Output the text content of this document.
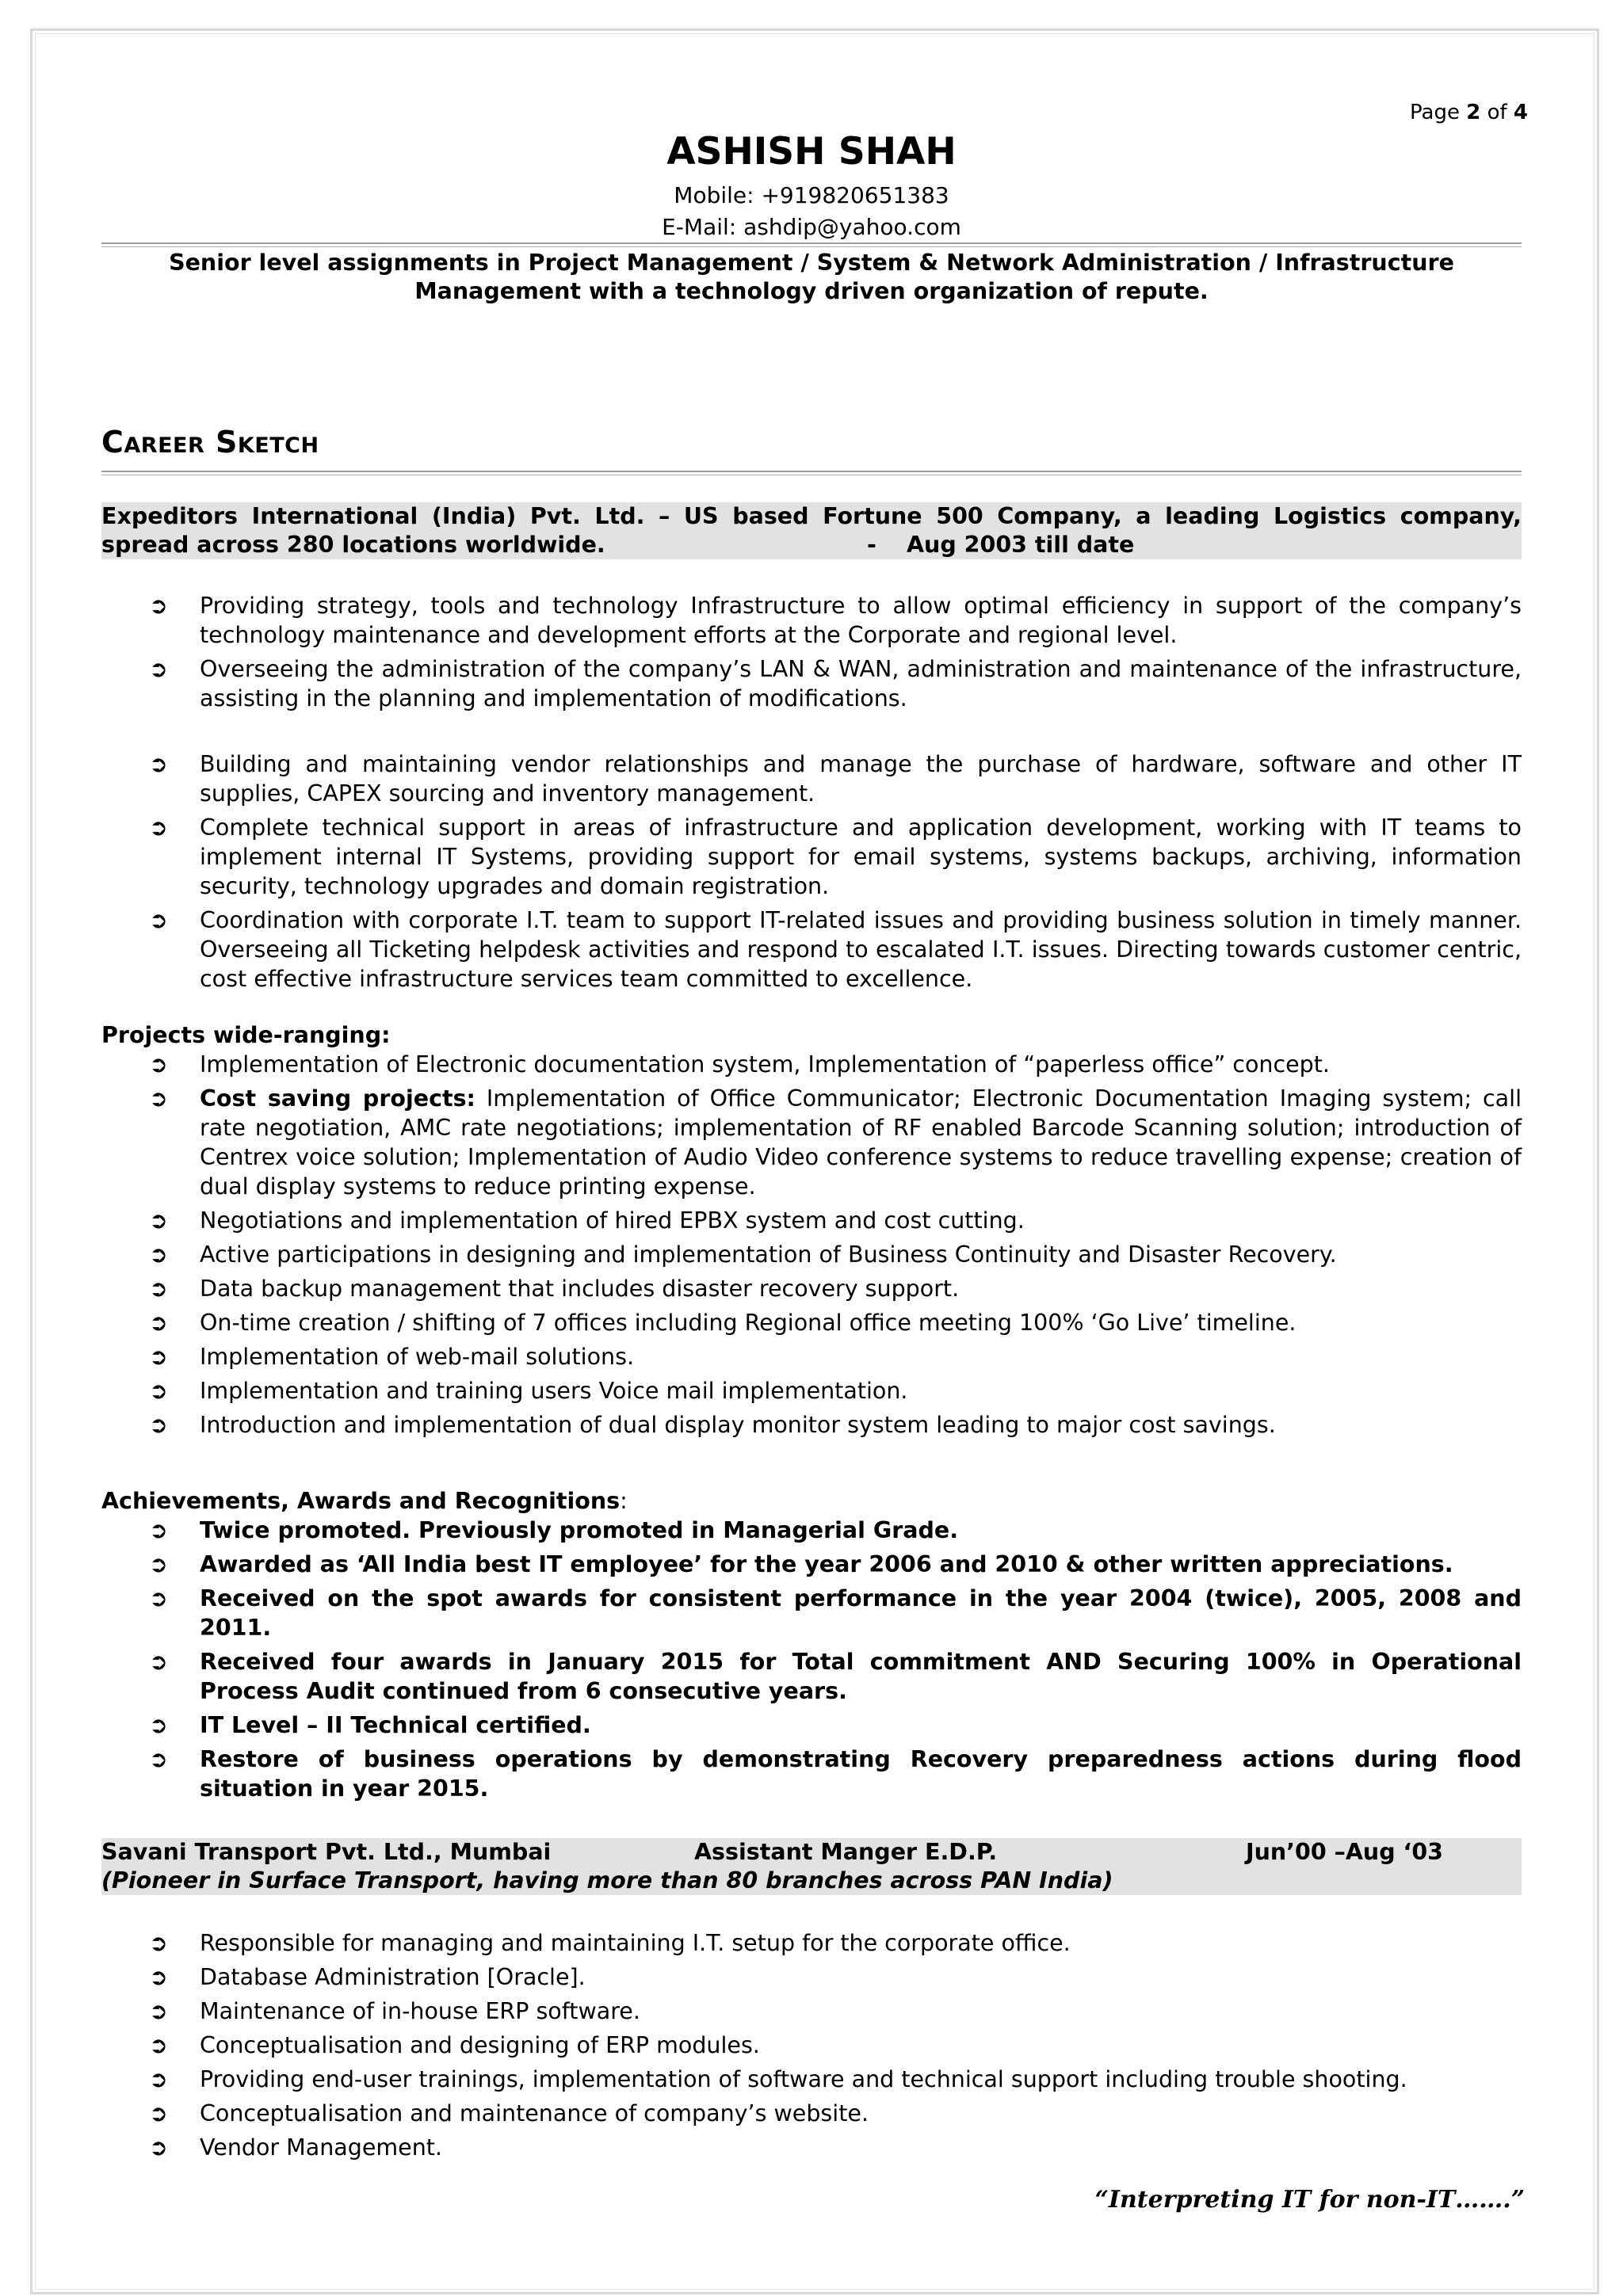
Page 2 of 4
ASHISH SHAH
Mobile: +919820651383
E-Mail: ashdip@yahoo.com
Senior level assignments in Project Management / System & Network Administration / Infrastructure Management with a technology driven organization of repute.
Career Sketch
Expeditors International (India) Pvt. Ltd. – US based Fortune 500 Company, a leading Logistics company,
spread across 280 locations worldwide.	-	Aug 2003 till date
➲ Providing strategy, tools and technology Infrastructure to allow optimal efficiency in support of the company’s technology maintenance and development efforts at the Corporate and regional level.
➲ Overseeing the administration of the company’s LAN & WAN, administration and maintenance of the infrastructure, assisting in the planning and implementation of modifications.
➲ Building and maintaining vendor relationships and manage the purchase of hardware, software and other IT supplies, CAPEX sourcing and inventory management.
➲ Complete technical support in areas of infrastructure and application development, working with IT teams to implement internal IT Systems, providing support for email systems, systems backups, archiving, information security, technology upgrades and domain registration.
➲ Coordination with corporate I.T. team to support IT-related issues and providing business solution in timely manner. Overseeing all Ticketing helpdesk activities and respond to escalated I.T. issues. Directing towards customer centric, cost effective infrastructure services team committed to excellence.
Projects wide-ranging:
➲ Implementation of Electronic documentation system, Implementation of “paperless office” concept.
➲ Cost saving projects: Implementation of Office Communicator; Electronic Documentation Imaging system; call rate negotiation, AMC rate negotiations; implementation of RF enabled Barcode Scanning solution; introduction of Centrex voice solution; Implementation of Audio Video conference systems to reduce travelling expense; creation of dual display systems to reduce printing expense.
➲ Negotiations and implementation of hired EPBX system and cost cutting.
➲ Active participations in designing and implementation of Business Continuity and Disaster Recovery.
➲ Data backup management that includes disaster recovery support.
➲ On-time creation / shifting of 7 offices including Regional office meeting 100% ‘Go Live’ timeline.
➲ Implementation of web-mail solutions.
➲ Implementation and training users Voice mail implementation.
➲ Introduction and implementation of dual display monitor system leading to major cost savings.
Achievements, Awards and Recognitions:
➲ Twice promoted. Previously promoted in Managerial Grade.
➲ Awarded as ‘All India best IT employee’ for the year 2006 and 2010 & other written appreciations.
➲ Received on the spot awards for consistent performance in the year 2004 (twice), 2005, 2008 and 2011.
➲ Received four awards in January 2015 for Total commitment AND Securing 100% in Operational Process Audit continued from 6 consecutive years.
➲ IT Level – II Technical certified.
➲ Restore of business operations by demonstrating Recovery preparedness actions during flood situation in year 2015.
Savani Transport Pvt. Ltd., Mumbai	Assistant Manger E.D.P.	Jun’00 –Aug ‘03
(Pioneer in Surface Transport, having more than 80 branches across PAN India)
➲ Responsible for managing and maintaining I.T. setup for the corporate office.
➲ Database Administration [Oracle].
➲ Maintenance of in-house ERP software.
➲ Conceptualisation and designing of ERP modules.
➲ Providing end-user trainings, implementation of software and technical support including trouble shooting.
➲ Conceptualisation and maintenance of company’s website.
➲ Vendor Management.
“Interpreting IT for non-IT…….”
